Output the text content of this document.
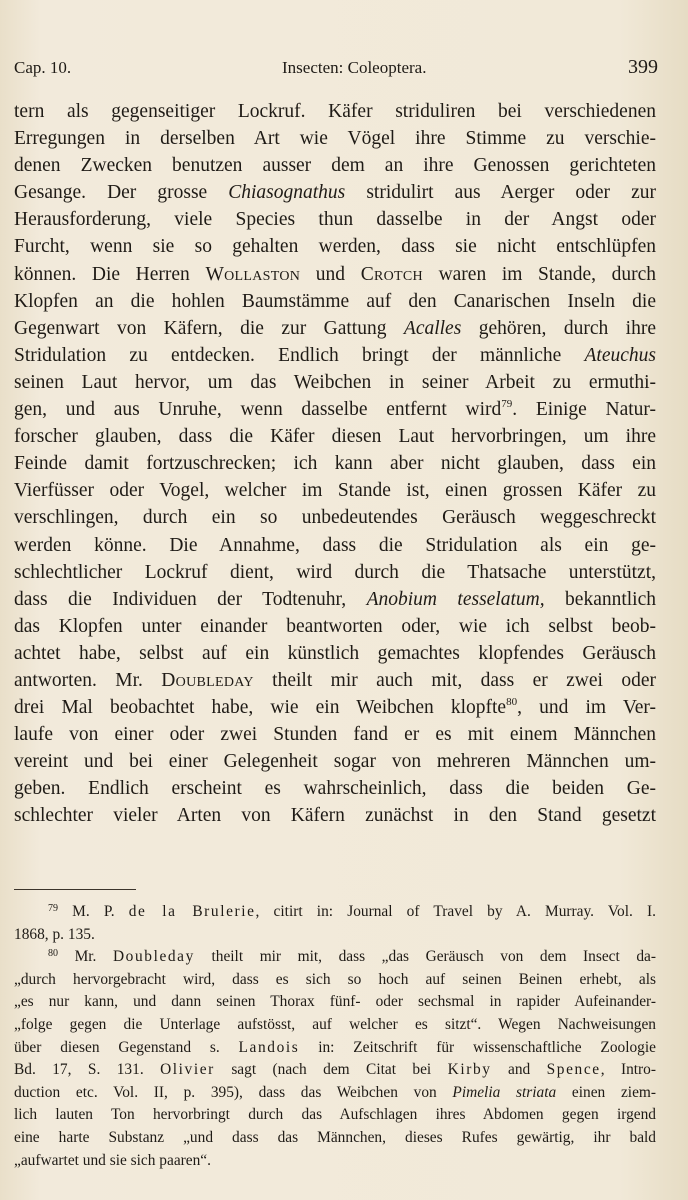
Cap. 10.	Insecten: Coleoptera.	399
tern als gegenseitiger Lockruf. Käfer striduliren bei verschiedenen
Erregungen in derselben Art wie Vögel ihre Stimme zu verschie-
denen Zwecken benutzen ausser dem an ihre Genossen gerichteten
Gesange. Der grosse Chiasognathus stridulirt aus Aerger oder zur
Herausforderung, viele Species thun dasselbe in der Angst oder
Furcht, wenn sie so gehalten werden, dass sie nicht entschlüpfen
können. Die Herren Wollaston und Crotch waren im Stande, durch
Klopfen an die hohlen Baumstämme auf den Canarischen Inseln die
Gegenwart von Käfern, die zur Gattung Acalles gehören, durch ihre
Stridulation zu entdecken. Endlich bringt der männliche Ateuchus
seinen Laut hervor, um das Weibchen in seiner Arbeit zu ermuthi-
gen, und aus Unruhe, wenn dasselbe entfernt wird$^{79}$. Einige Natur-
forscher glauben, dass die Käfer diesen Laut hervorbringen, um ihre
Feinde damit fortzuschrecken; ich kann aber nicht glauben, dass ein
Vierfüsser oder Vogel, welcher im Stande ist, einen grossen Käfer zu
verschlingen, durch ein so unbedeutendes Geräusch weggeschreckt
werden könne. Die Annahme, dass die Stridulation als ein ge-
schlechtlicher Lockruf dient, wird durch die Thatsache unterstützt,
dass die Individuen der Todtenuhr, Anobium tesselatum, bekanntlich
das Klopfen unter einander beantworten oder, wie ich selbst beob-
achtet habe, selbst auf ein künstlich gemachtes klopfendes Geräusch
antworten. Mr. Doubleday theilt mir auch mit, dass er zwei oder
drei Mal beobachtet habe, wie ein Weibchen klopfte$^{80}$, und im Ver-
laufe von einer oder zwei Stunden fand er es mit einem Männchen
vereint und bei einer Gelegenheit sogar von mehreren Männchen um-
geben. Endlich erscheint es wahrscheinlich, dass die beiden Ge-
schlechter vieler Arten von Käfern zunächst in den Stand gesetzt
$^{79}$ M. P. de la Brulerie, citirt in: Journal of Travel by A. Murray. Vol. I.
1868, p. 135.
$^{80}$ Mr. Doubleday theilt mir mit, dass „das Geräusch von dem Insect da-
„durch hervorgebracht wird, dass es sich so hoch auf seinen Beinen erhebt, als
„es nur kann, und dann seinen Thorax fünf- oder sechsmal in rapider Aufeinander-
„folge gegen die Unterlage aufstösst, auf welcher es sitzt“. Wegen Nachweisungen
über diesen Gegenstand s. Landois in: Zeitschrift für wissenschaftliche Zoologie
Bd. 17, S. 131. Olivier sagt (nach dem Citat bei Kirby and Spence, Intro-
duction etc. Vol. II, p. 395), dass das Weibchen von Pimelia striata einen ziem-
lich lauten Ton hervorbringt durch das Aufschlagen ihres Abdomen gegen irgend
eine harte Substanz „und dass das Männchen, dieses Rufes gewärtig, ihr bald
„aufwartet und sie sich paaren“.
